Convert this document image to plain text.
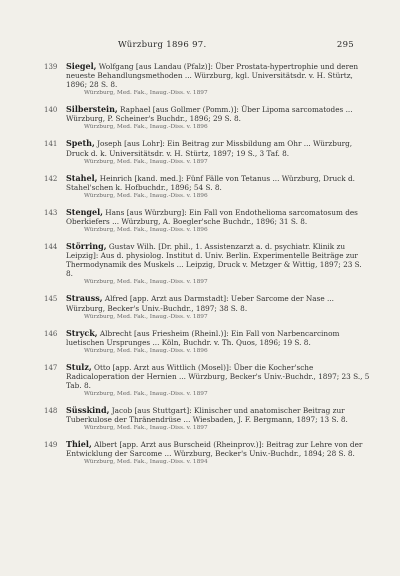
Würzburg 1896 97.	295
139 Siegel, Wolfgang [aus Landau (Pfalz)]: Über Prostata-hypertrophie und deren neueste Behandlungsmethoden ... Würzburg, kgl. Universitätsdr. v. H. Stürtz, 1896; 28 S. 8.
Würzburg, Med. Fak., Inaug.-Diss. v. 1897
140 Silberstein, Raphael [aus Gollmer (Pomm.)]: Über Lipoma sarcomatodes ... Würzburg, P. Scheiner's Buchdr., 1896; 29 S. 8.
Würzburg, Med. Fak., Inaug.-Diss. v. 1896
141 Speth, Joseph [aus Lohr]: Ein Beitrag zur Missbildung am Ohr ... Würzburg, Druck d. k. Universitätsdr. v. H. Stürtz, 1897; 19 S., 3 Taf. 8.
Würzburg, Med. Fak., Inaug.-Diss. v. 1897
142 Stahel, Heinrich [kand. med.]: Fünf Fälle von Tetanus ... Würzburg, Druck d. Stahel'schen k. Hofbuchdr., 1896; 54 S. 8.
Würzburg, Med. Fak., Inaug.-Diss. v. 1896
143 Stengel, Hans [aus Würzburg]: Ein Fall von Endothelioma sarcomatosum des Oberkiefers ... Würzburg, A. Boegler'sche Buchdr., 1896; 31 S. 8.
Würzburg, Med. Fak., Inaug.-Diss. v. 1896
144 Störring, Gustav Wilh. [Dr. phil., 1. Assistenzarzt a. d. psychiatr. Klinik zu Leipzig]: Aus d. physiolog. Institut d. Univ. Berlin. Experimentelle Beiträge zur Thermodynamik des Muskels ... Leipzig, Druck v. Metzger & Wittig, 1897; 23 S. 8.
Würzburg, Med. Fak., Inaug.-Diss. v. 1897
145 Strauss, Alfred [app. Arzt aus Darmstadt]: Ueber Sarcome der Nase ... Würzburg, Becker's Univ.-Buchdr., 1897; 38 S. 8.
Würzburg, Med. Fak., Inaug.-Diss. v. 1897
146 Stryck, Albrecht [aus Friesheim (Rheinl.)]: Ein Fall von Narbencarcinom luetischen Ursprunges ... Köln, Buchdr. v. Th. Quos, 1896; 19 S. 8.
Würzburg, Med. Fak., Inaug.-Diss. v. 1896
147 Stulz, Otto [app. Arzt aus Wittlich (Mosel)]: Über die Kocher'sche Radicaloperation der Hernien ... Würzburg, Becker's Univ.-Buchdr., 1897; 23 S., 5 Tab. 8.
Würzburg, Med. Fak., Inaug.-Diss. v. 1897
148 Süsskind, Jacob [aus Stuttgart]: Klinischer und anatomischer Beitrag zur Tuberkulose der Thränendrüse ... Wiesbaden, J. F. Bergmann, 1897; 13 S. 8.
Würzburg, Med. Fak., Inaug.-Diss. v. 1897
149 Thiel, Albert [app. Arzt aus Burscheid (Rheinprov.)]: Beitrag zur Lehre von der Entwicklung der Sarcome ... Würzburg, Becker's Univ.-Buchdr., 1894; 28 S. 8.
Würzburg, Med. Fak., Inaug.-Diss. v. 1894
